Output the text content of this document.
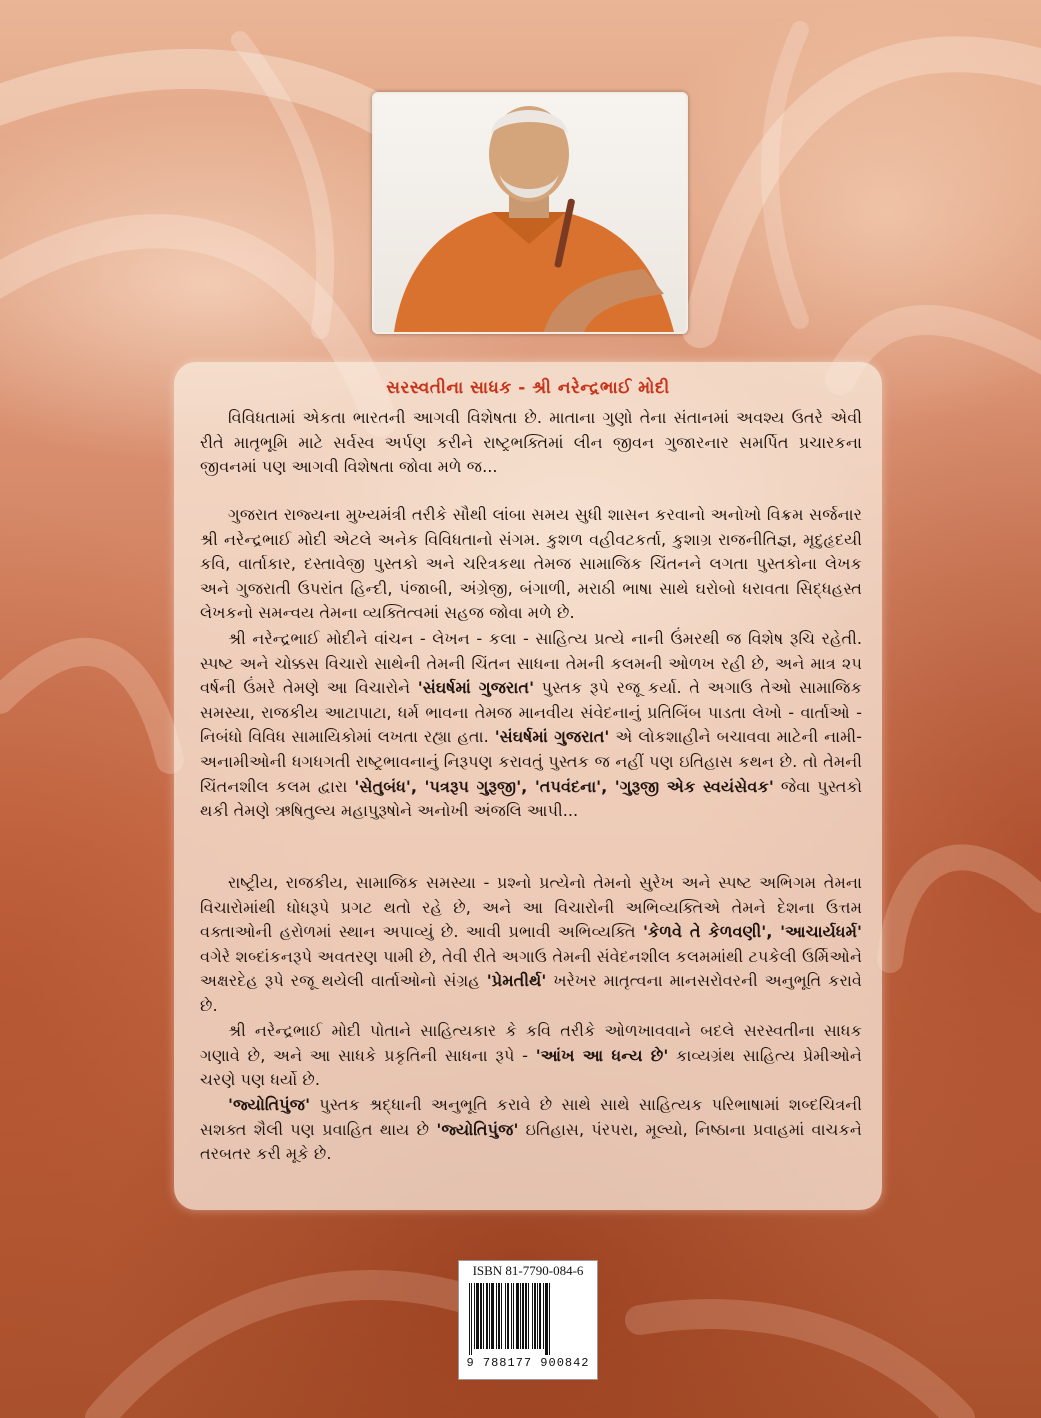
સરસ્વતીના સાધક - શ્રી નરેન્દ્રભાઈ મોદી

વિવિધતામાં એકતા ભારતની આગવી વિશેષતા છે. માતાના ગુણો તેના સંતાનમાં અવશ્ય ઉતરે એવી રીતે માતૃભૂમિ માટે સર્વસ્વ અર્પણ કરીને રાષ્ટ્રભક્તિમાં લીન જીવન ગુજારનાર સમર્પિત પ્રચારકના જીવનમાં પણ આગવી વિશેષતા જોવા મળે જ...

ગુજરાત રાજ્યના મુખ્યમંત્રી તરીકે સૌથી લાંબા સમય સુધી શાસન કરવાનો અનોખો વિક્રમ સર્જનાર શ્રી નરેન્દ્રભાઈ મોદી એટલે અનેક વિવિધતાનો સંગમ. કુશળ વહીવટકર્તા, કુશાગ્ર રાજનીતિજ્ઞ, મૃદુહૃદયી કવિ, વાર્તાકાર, દસ્તાવેજી પુસ્તકો અને ચરિત્રકથા તેમજ સામાજિક ચિંતનને લગતા પુસ્તકોના લેખક અને ગુજરાતી ઉપરાંત હિન્દી, પંજાબી, અંગ્રેજી, બંગાળી, મરાઠી ભાષા સાથે ઘરોબો ધરાવતા સિદ્ધહસ્ત લેખકનો સમન્વય તેમના વ્યક્તિત્વમાં સહજ જોવા મળે છે.

શ્રી નરેન્દ્રભાઈ મોદીને વાંચન - લેખન - કલા - સાહિત્ય પ્રત્યે નાની ઉંમરથી જ વિશેષ રૂચિ રહેતી. સ્પષ્ટ અને ચોક્કસ વિચારો સાથેની તેમની ચિંતન સાધના તેમની કલમની ઓળખ રહી છે, અને માત્ર ૨૫ વર્ષની ઉંમરે તેમણે આ વિચારોને 'સંઘર્ષમાં ગુજરાત' પુસ્તક રૂપે રજૂ કર્યા. તે અગાઉ તેઓ સામાજિક સમસ્યા, રાજકીય આટાપાટા, ધર્મ ભાવના તેમજ માનવીય સંવેદનાનું પ્રતિબિંબ પાડતા લેખો - વાર્તાઓ - નિબંધો વિવિધ સામાયિકોમાં લખતા રહ્યા હતા. 'સંઘર્ષમાં ગુજરાત' એ લોકશાહીને બચાવવા માટેની નામી-અનામીઓની ધગધગતી રાષ્ટ્રભાવનાનું નિરૂપણ કરાવતું પુસ્તક જ નહીં પણ ઇતિહાસ કથન છે. તો તેમની ચિંતનશીલ કલમ દ્વારા 'સેતુબંધ', 'પત્રરૂપ ગુરૂજી', 'તપવંદના', 'ગુરૂજી એક સ્વયંસેવક' જેવા પુસ્તકો થકી તેમણે ઋષિતુલ્ય મહાપુરૂષોને અનોખી અંજલિ આપી...

રાષ્ટ્રીય, રાજકીય, સામાજિક સમસ્યા - પ્રશ્નો પ્રત્યેનો તેમનો સુરેખ અને સ્પષ્ટ અભિગમ તેમના વિચારોમાંથી ધોધરૂપે પ્રગટ થતો રહે છે, અને આ વિચારોની અભિવ્યક્તિએ તેમને દેશના ઉત્તમ વક્તાઓની હરોળમાં સ્થાન અપાવ્યું છે. આવી પ્રભાવી અભિવ્યક્તિ 'કેળવે તે કેળવણી', 'આચાર્યધર્મ' વગેરે શબ્દાંકનરૂપે અવતરણ પામી છે, તેવી રીતે અગાઉ તેમની સંવેદનશીલ કલમમાંથી ટપકેલી ઉર્મિઓને અક્ષરદેહ રૂપે રજૂ થયેલી વાર્તાઓનો સંગ્રહ 'પ્રેમતીર્થ' ખરેખર માતૃત્વના માનસરોવરની અનુભૂતિ કરાવે છે.

શ્રી નરેન્દ્રભાઈ મોદી પોતાને સાહિત્યકાર કે કવિ તરીકે ઓળખાવવાને બદલે સરસ્વતીના સાધક ગણાવે છે, અને આ સાધકે પ્રકૃતિની સાધના રૂપે - 'આંખ આ ધન્ય છે' કાવ્યગ્રંથ સાહિત્ય પ્રેમીઓને ચરણે પણ ધર્યો છે.

'જ્યોતિપુંજ' પુસ્તક શ્રદ્ધાની અનુભૂતિ કરાવે છે સાથે સાથે સાહિત્યક પરિભાષામાં શબ્દચિત્રની સશક્ત શૈલી પણ પ્રવાહિત થાય છે 'જ્યોતિપુંજ' ઇતિહાસ, પંરપરા, મૂલ્યો, નિષ્ઠાના પ્રવાહમાં વાચકને તરબતર કરી મૂકે છે.

ISBN 81-7790-084-6
9 788177 900842
